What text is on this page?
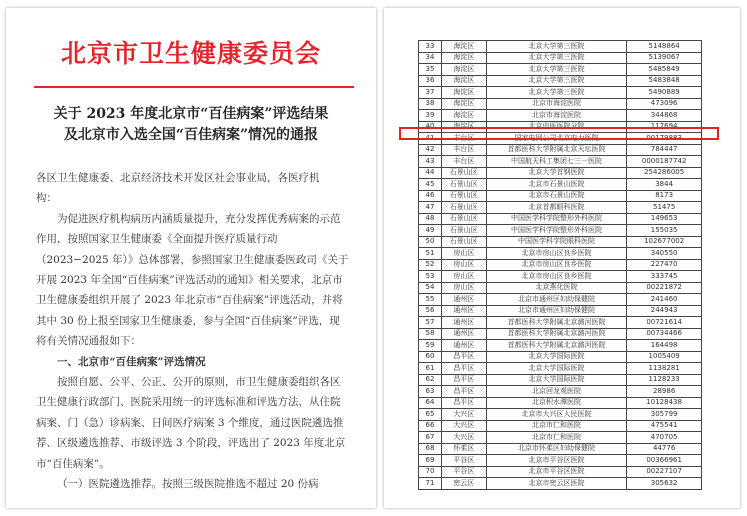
北京市卫生健康委员会
关于 2023 年度北京市“百佳病案”评选结果
及北京市入选全国“百佳病案”情况的通报

各区卫生健康委、北京经济技术开发区社会事业局，各医疗机

构：

为促进医疗机构病历内涵质量提升，充分发挥优秀病案的示范作用，按照国家卫生健康委《全面提升医疗质量行动（2023−2025 年）》总体部署，参照国家卫生健康委医政司《关于开展 2023 年全国“百佳病案”评选活动的通知》相关要求，北京市卫生健康委组织开展了 2023 年北京市“百佳病案”评选活动，并将其中 30 份上报至国家卫生健康委，参与全国“百佳病案”评选，现将有关情况通报如下：

一、北京市“百佳病案”评选情况

按照自愿、公平、公正、公开的原则，市卫生健康委组织各区卫生健康行政部门、医院采用统一的评选标准和评选方法，从住院病案、门（急）诊病案、日间医疗病案 3 个维度，通过医院遴选推荐、区级遴选推荐、市级评选 3 个阶段，评选出了 2023 年度北京市“百佳病案”。

（一）医院遴选推荐。按照三级医院推选不超过 20 份病

33	海淀区	北京大学第三医院	5148864
34	海淀区	北京大学第三医院	5139067
35	海淀区	北京大学第三医院	5485849
36	海淀区	北京大学第三医院	5483848
37	海淀区	北京大学第三医院	5490889
38	海淀区	北京市海淀医院	473096
39	海淀区	北京市海淀医院	344868
40	海淀区	北京中医医院分院	117694
41	丰台区	国家电网公司北京电力医院	00179883
42	丰台区	首都医科大学附属北京天坛医院	784447
43	丰台区	中国航天科工集团七三一医院	0000187742
44	石景山区	北京大学首钢医院	254286005
45	石景山区	北京市石景山医院	3844
46	石景山区	北京市石景山医院	8173
47	石景山区	北京首都眼科医院	51475
48	石景山区	中国医学科学院整形外科医院	149653
49	石景山区	中国医学科学院整形外科医院	155035
50	石景山区	中国医学科学院眼科医院	102677002
51	房山区	北京市房山区良乡医院	340550
52	房山区	北京市房山区良乡医院	227470
53	房山区	北京市房山区良乡医院	333745
54	房山区	北京燕化医院	00221872
55	通州区	北京市通州区妇幼保健院	241460
56	通州区	北京市通州区妇幼保健院	244943
57	通州区	首都医科大学附属北京潞河医院	00721614
58	通州区	首都医科大学附属北京潞河医院	00734466
59	通州区	首都医科大学附属北京潞河医院	164498
60	昌平区	北京大学国际医院	1005409
61	昌平区	北京大学国际医院	1138281
62	昌平区	北京大学国际医院	1128233
63	昌平区	北京回龙观医院	28986
64	昌平区	北京积水潭医院	10128438
65	大兴区	北京市大兴区人民医院	305799
66	大兴区	北京市仁和医院	475541
67	大兴区	北京市仁和医院	470705
68	怀柔区	北京市怀柔区妇幼保健院	44776
69	平谷区	北京市平谷区医院	00366961
70	平谷区	北京市平谷区医院	00227107
71	密云区	北京市密云区医院	305632
